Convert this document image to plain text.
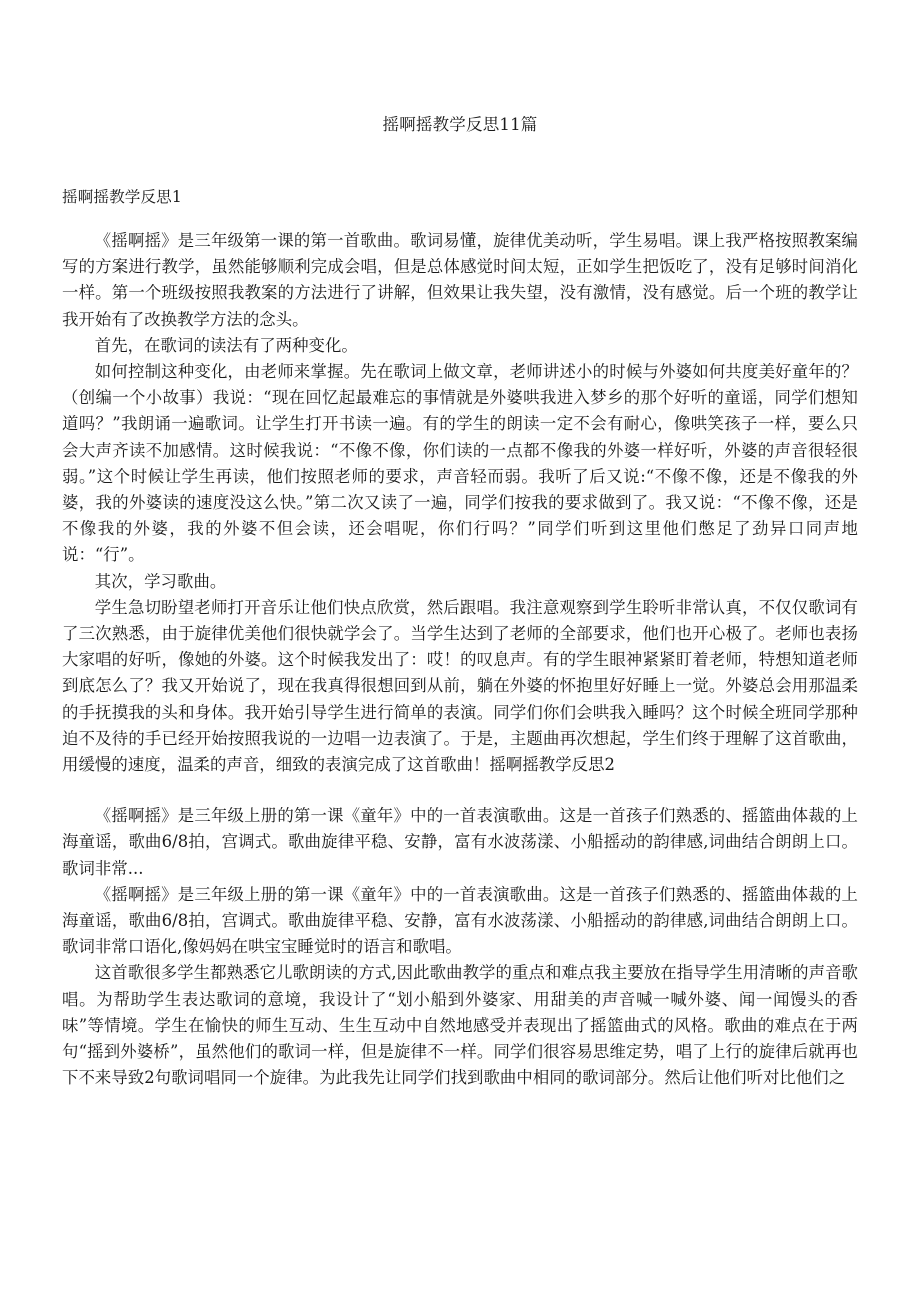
摇啊摇教学反思11篇
摇啊摇教学反思1

《摇啊摇》是三年级第一课的第一首歌曲。歌词易懂，旋律优美动听，学生易唱。课上我严格按照教案编写的方案进行教学，虽然能够顺利完成会唱，但是总体感觉时间太短，正如学生把饭吃了，没有足够时间消化一样。第一个班级按照我教案的方法进行了讲解，但效果让我失望，没有激情，没有感觉。后一个班的教学让我开始有了改换教学方法的念头。

首先，在歌词的读法有了两种变化。

如何控制这种变化，由老师来掌握。先在歌词上做文章，老师讲述小的时候与外婆如何共度美好童年的？（创编一个小故事）我说：“现在回忆起最难忘的事情就是外婆哄我进入梦乡的那个好听的童谣，同学们想知道吗？”我朗诵一遍歌词。让学生打开书读一遍。有的学生的朗读一定不会有耐心，像哄笑孩子一样，要么只会大声齐读不加感情。这时候我说：“不像不像，你们读的一点都不像我的外婆一样好听，外婆的声音很轻很弱。”这个时候让学生再读，他们按照老师的要求，声音轻而弱。我听了后又说:“不像不像，还是不像我的外婆，我的外婆读的速度没这么快。”第二次又读了一遍，同学们按我的要求做到了。我又说：“不像不像，还是不像我的外婆，我的外婆不但会读，还会唱呢，你们行吗？”同学们听到这里他们憋足了劲异口同声地说：“行”。

其次，学习歌曲。

学生急切盼望老师打开音乐让他们快点欣赏，然后跟唱。我注意观察到学生聆听非常认真，不仅仅歌词有了三次熟悉，由于旋律优美他们很快就学会了。当学生达到了老师的全部要求，他们也开心极了。老师也表扬大家唱的好听，像她的外婆。这个时候我发出了：哎！的叹息声。有的学生眼神紧紧盯着老师，特想知道老师到底怎么了？我又开始说了，现在我真得很想回到从前，躺在外婆的怀抱里好好睡上一觉。外婆总会用那温柔的手抚摸我的头和身体。我开始引导学生进行简单的表演。同学们你们会哄我入睡吗？这个时候全班同学那种迫不及待的手已经开始按照我说的一边唱一边表演了。于是，主题曲再次想起，学生们终于理解了这首歌曲，用缓慢的速度，温柔的声音，细致的表演完成了这首歌曲！摇啊摇教学反思2

《摇啊摇》是三年级上册的第一课《童年》中的一首表演歌曲。这是一首孩子们熟悉的、摇篮曲体裁的上海童谣，歌曲6/8拍，宫调式。歌曲旋律平稳、安静，富有水波荡漾、小船摇动的韵律感,词曲结合朗朗上口。歌词非常...

《摇啊摇》是三年级上册的第一课《童年》中的一首表演歌曲。这是一首孩子们熟悉的、摇篮曲体裁的上海童谣，歌曲6/8拍，宫调式。歌曲旋律平稳、安静，富有水波荡漾、小船摇动的韵律感,词曲结合朗朗上口。歌词非常口语化,像妈妈在哄宝宝睡觉时的语言和歌唱。

这首歌很多学生都熟悉它儿歌朗读的方式,因此歌曲教学的重点和难点我主要放在指导学生用清晰的声音歌唱。为帮助学生表达歌词的意境，我设计了“划小船到外婆家、用甜美的声音喊一喊外婆、闻一闻馒头的香味”等情境。学生在愉快的师生互动、生生互动中自然地感受并表现出了摇篮曲式的风格。歌曲的难点在于两句“摇到外婆桥”，虽然他们的歌词一样，但是旋律不一样。同学们很容易思维定势，唱了上行的旋律后就再也下不来导致2句歌词唱同一个旋律。为此我先让同学们找到歌曲中相同的歌词部分。然后让他们听对比他们之
